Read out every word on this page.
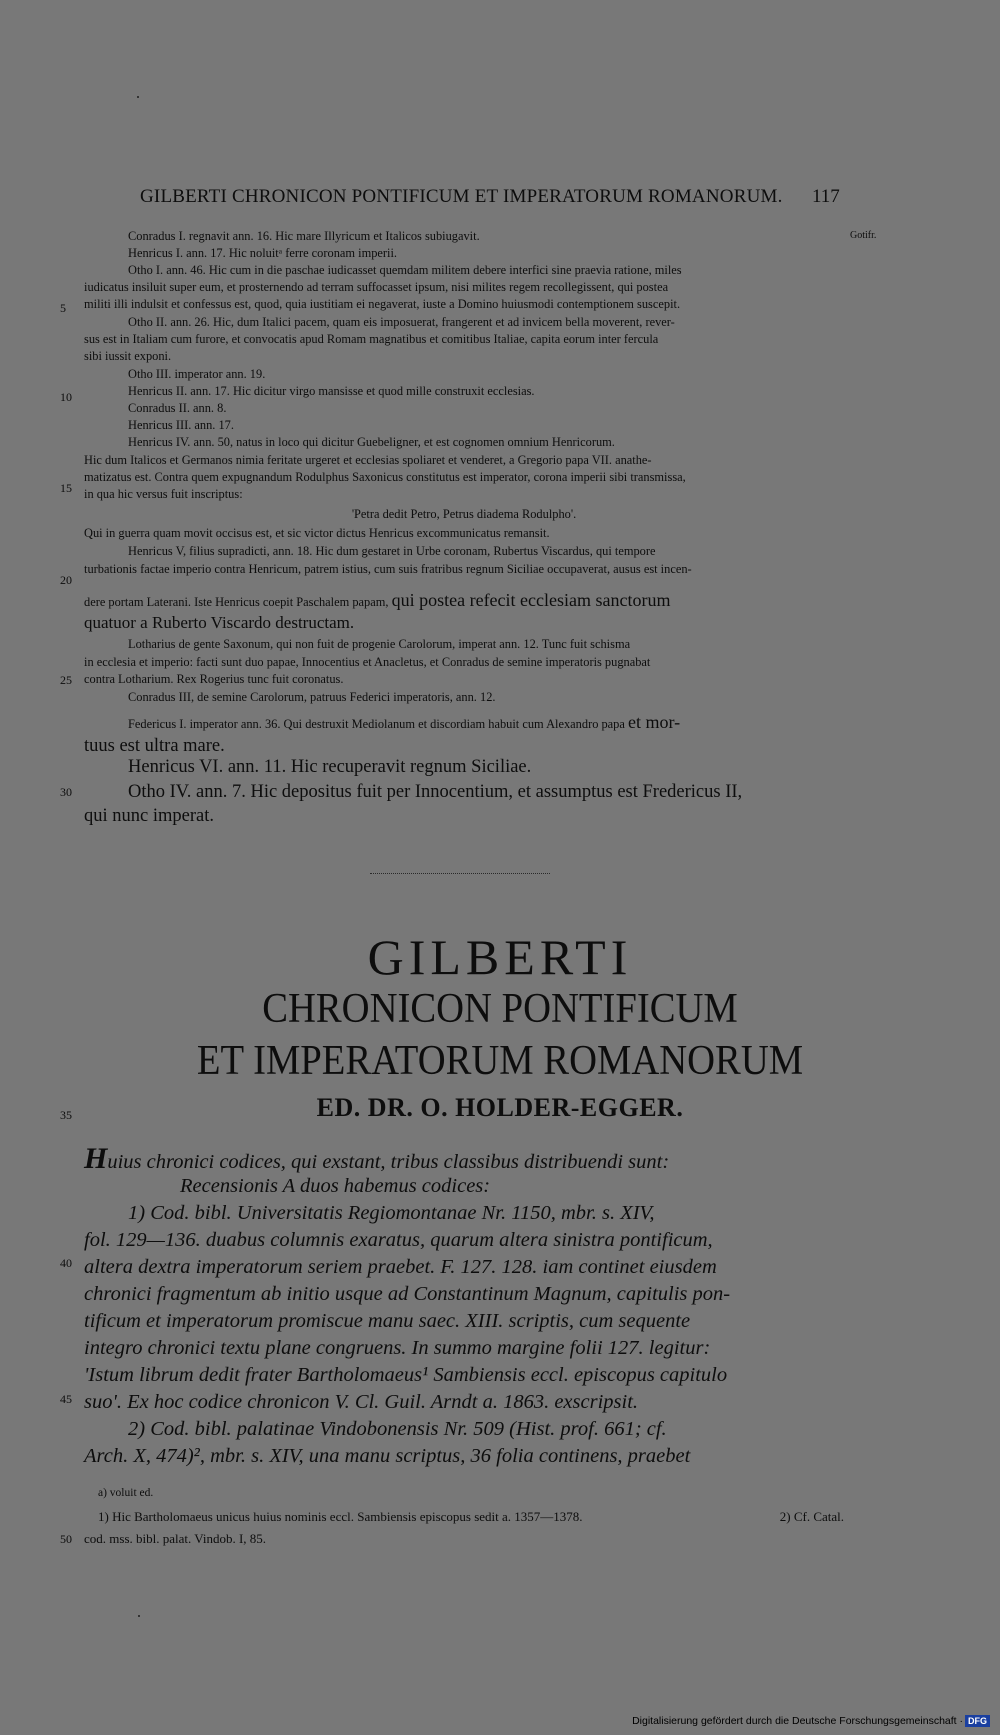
GILBERTI CHRONICON PONTIFICUM ET IMPERATORUM ROMANORUM.	117
Gotifr.
5
10
15
20
25
30
35
40
45
50
Conradus I. regnavit ann. 16. Hic mare Illyricum et Italicos subiugavit.
Henricus I. ann. 17. Hic noluitᵃ ferre coronam imperii.
Otho I. ann. 46. Hic cum in die paschae iudicasset quemdam militem debere interfici sine praevia ratione, miles
iudicatus insiluit super eum, et prosternendo ad terram suffocasset ipsum, nisi milites regem recollegissent, qui postea
militi illi indulsit et confessus est, quod, quia iustitiam ei negaverat, iuste a Domino huiusmodi contemptionem suscepit.
Otho II. ann. 26. Hic, dum Italici pacem, quam eis imposuerat, frangerent et ad invicem bella moverent, rever-
sus est in Italiam cum furore, et convocatis apud Romam magnatibus et comitibus Italiae, capita eorum inter fercula
sibi iussit exponi.
Otho III. imperator ann. 19.
Henricus II. ann. 17. Hic dicitur virgo mansisse et quod mille construxit ecclesias.
Conradus II. ann. 8.
Henricus III. ann. 17.
Henricus IV. ann. 50, natus in loco qui dicitur Guebeligner, et est cognomen omnium Henricorum.
Hic dum Italicos et Germanos nimia feritate urgeret et ecclesias spoliaret et venderet, a Gregorio papa VII. anathe-
matizatus est. Contra quem expugnandum Rodulphus Saxonicus constitutus est imperator, corona imperii sibi transmissa,
in qua hic versus fuit inscriptus:
'Petra dedit Petro, Petrus diadema Rodulpho'.
Qui in guerra quam movit occisus est, et sic victor dictus Henricus excommunicatus remansit.
Henricus V, filius supradicti, ann. 18. Hic dum gestaret in Urbe coronam, Rubertus Viscardus, qui tempore
turbationis factae imperio contra Henricum, patrem istius, cum suis fratribus regnum Siciliae occupaverat, ausus est incen-
dere portam Laterani. Iste Henricus coepit Paschalem papam, qui postea refecit ecclesiam sanctorum
quatuor a Ruberto Viscardo destructam.
Lotharius de gente Saxonum, qui non fuit de progenie Carolorum, imperat ann. 12. Tunc fuit schisma
in ecclesia et imperio: facti sunt duo papae, Innocentius et Anacletus, et Conradus de semine imperatoris pugnabat
contra Lotharium. Rex Rogerius tunc fuit coronatus.
Conradus III, de semine Carolorum, patruus Federici imperatoris, ann. 12.
Federicus I. imperator ann. 36. Qui destruxit Mediolanum et discordiam habuit cum Alexandro papa et mor-
tuus est ultra mare.
Henricus VI. ann. 11. Hic recuperavit regnum Siciliae.
Otho IV. ann. 7. Hic depositus fuit per Innocentium, et assumptus est Fredericus II,
qui nunc imperat.
GILBERTI
CHRONICON PONTIFICUM
ET IMPERATORUM ROMANORUM
ED. DR. O. HOLDER-EGGER.
Huius chronici codices, qui exstant, tribus classibus distribuendi sunt:
Recensionis A duos habemus codices:
1) Cod. bibl. Universitatis Regiomontanae Nr. 1150, mbr. s. XIV,
fol. 129—136. duabus columnis exaratus, quarum altera sinistra pontificum,
altera dextra imperatorum seriem praebet. F. 127. 128. iam continet eiusdem
chronici fragmentum ab initio usque ad Constantinum Magnum, capitulis pon-
tificum et imperatorum promiscue manu saec. XIII. scriptis, cum sequente
integro chronici textu plane congruens. In summo margine folii 127. legitur:
'Istum librum dedit frater Bartholomaeus¹ Sambiensis eccl. episcopus capitulo
suo'. Ex hoc codice chronicon V. Cl. Guil. Arndt a. 1863. exscripsit.
2) Cod. bibl. palatinae Vindobonensis Nr. 509 (Hist. prof. 661; cf.
Arch. X, 474)², mbr. s. XIV, una manu scriptus, 36 folia continens, praebet
a) voluit ed.
1) Hic Bartholomaeus unicus huius nominis eccl. Sambiensis episcopus sedit a. 1357—1378.	2) Cf. Catal.
cod. mss. bibl. palat. Vindob. I, 85.
Digitalisierung gefördert durch die Deutsche Forschungsgemeinschaft · DFG
